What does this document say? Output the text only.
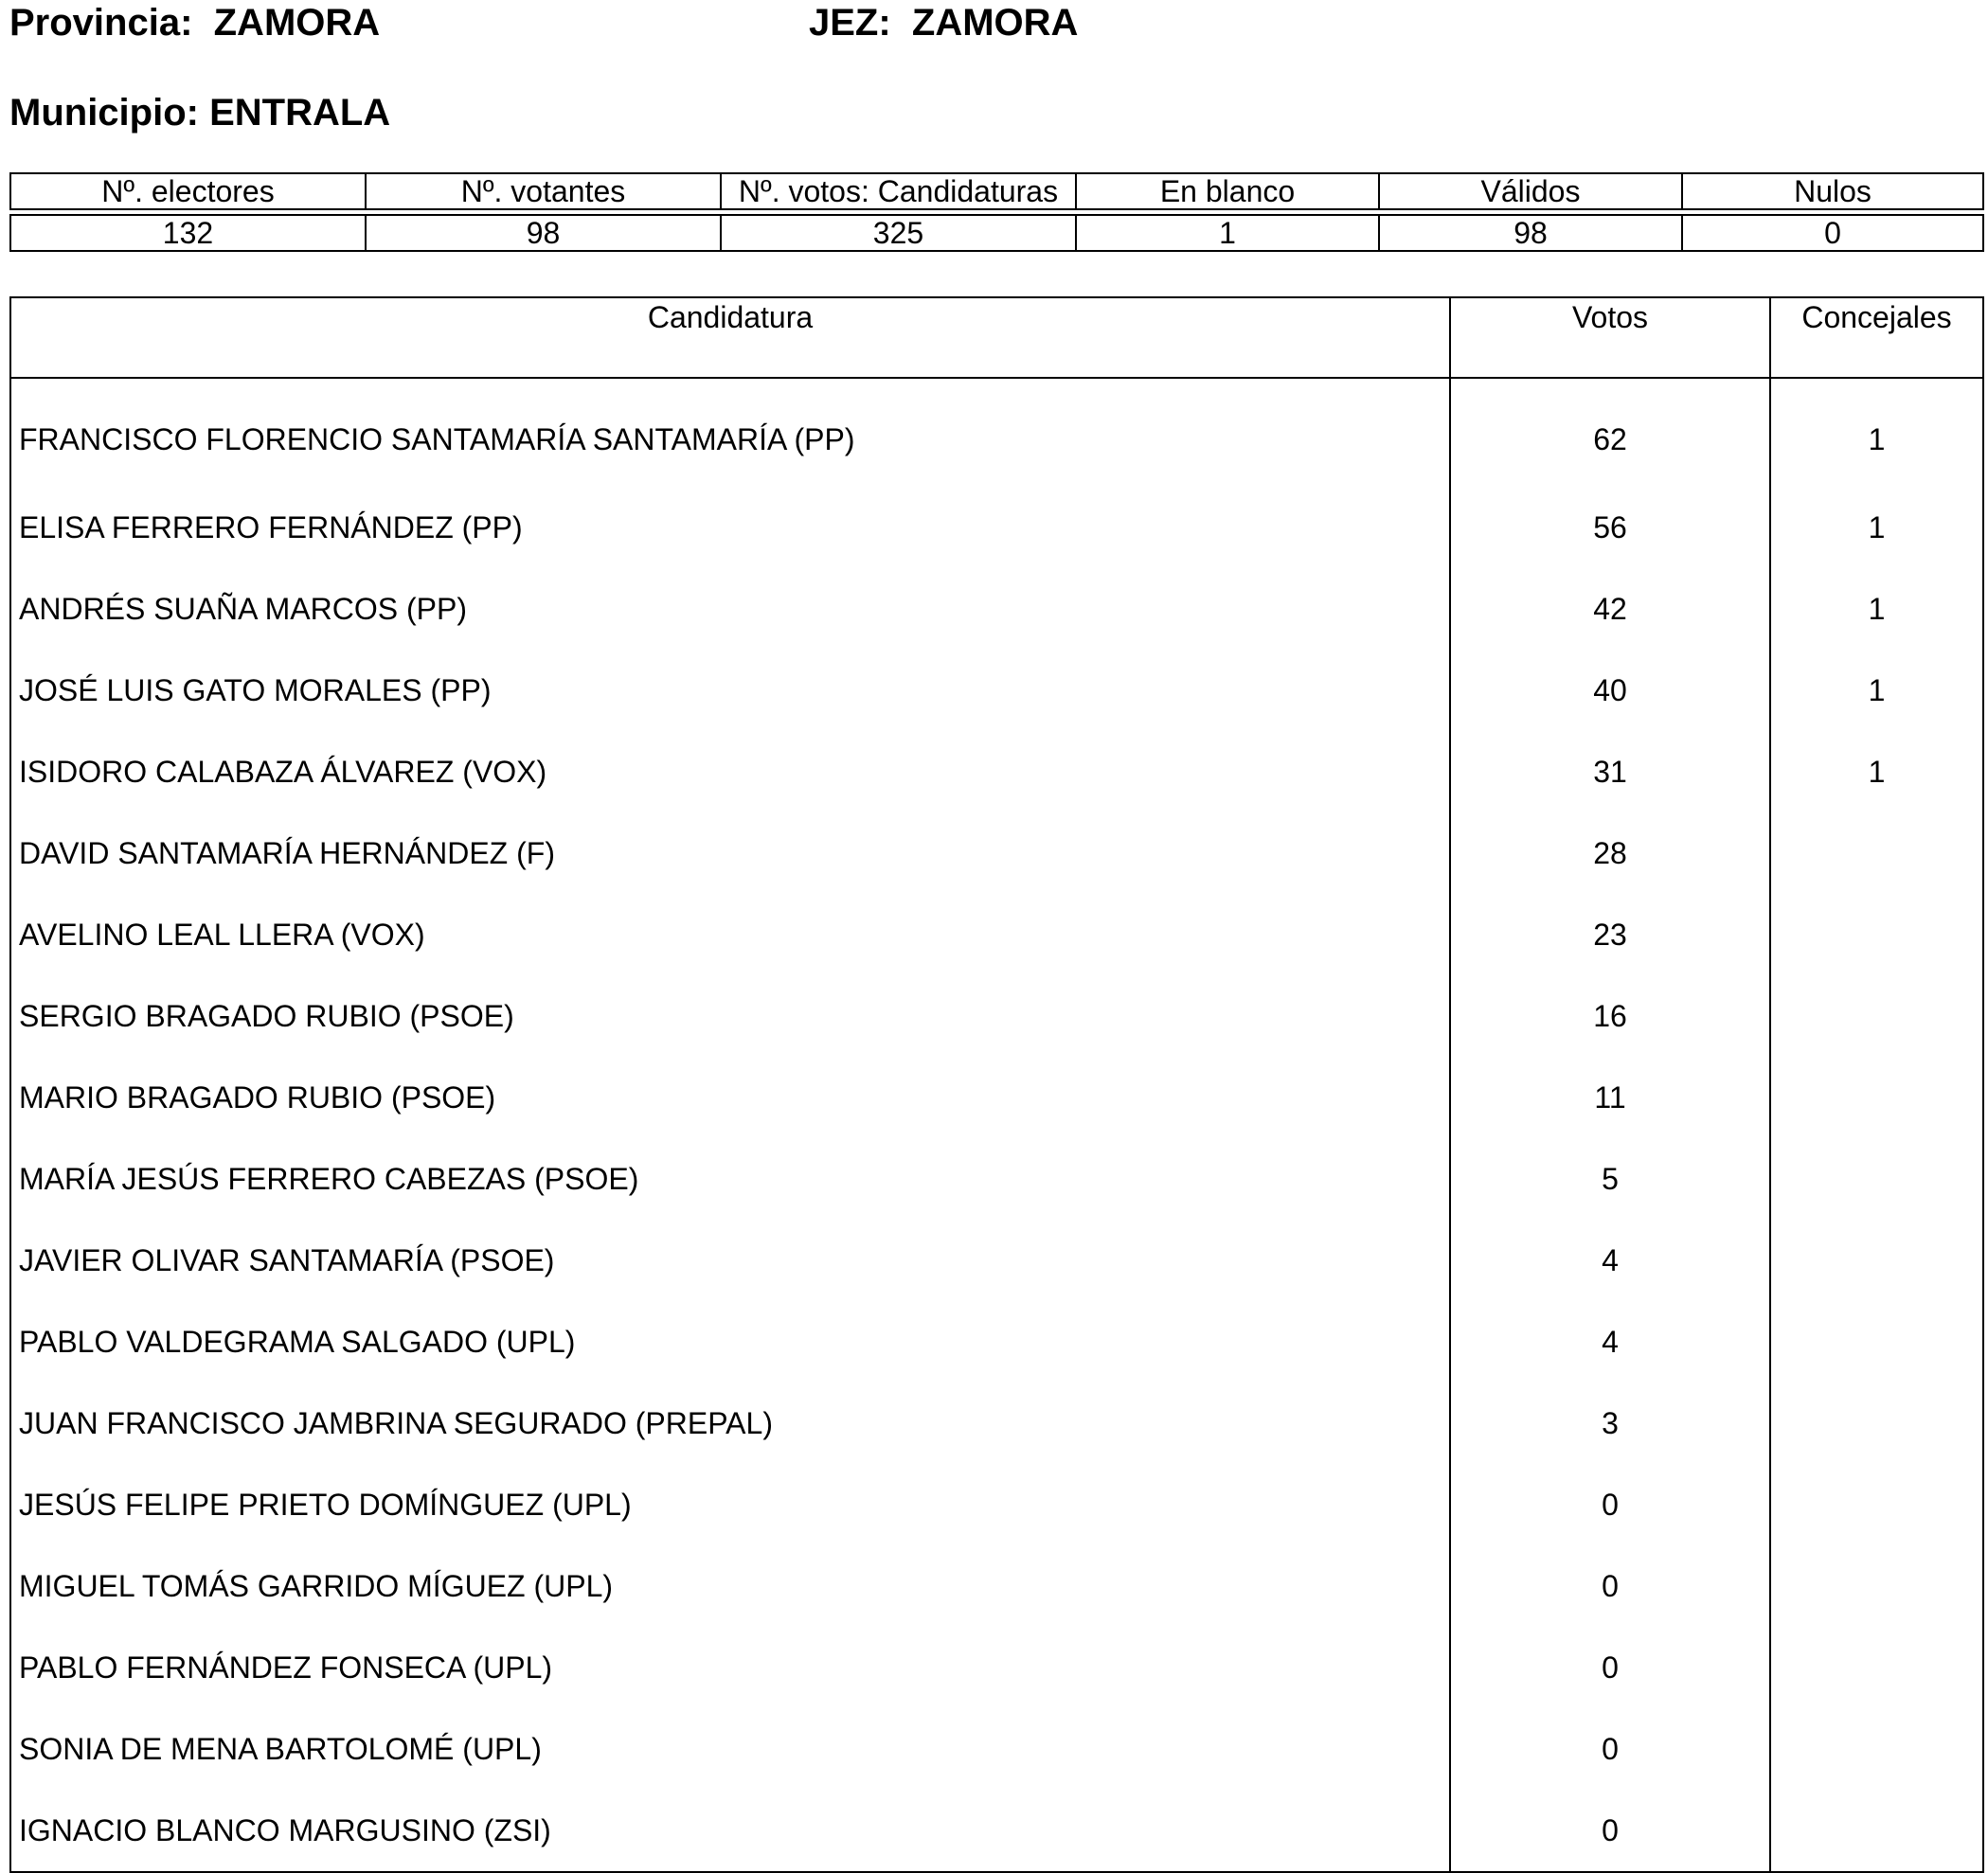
Provincia:  ZAMORA	JEZ:  ZAMORA
Municipio: ENTRALA
Nº. electores	Nº. votantes	Nº. votos: Candidaturas	En blanco	Válidos	Nulos

132	98	325	1	98	0
Candidatura	Votos	Concejales
FRANCISCO FLORENCIO SANTAMARÍA SANTAMARÍA (PP)	62	1
ELISA FERRERO FERNÁNDEZ (PP)	56	1
ANDRÉS SUAÑA MARCOS (PP)	42	1
JOSÉ LUIS GATO MORALES (PP)	40	1
ISIDORO CALABAZA ÁLVAREZ (VOX)	31	1
DAVID SANTAMARÍA HERNÁNDEZ (F)	28	
AVELINO LEAL LLERA (VOX)	23	
SERGIO BRAGADO RUBIO (PSOE)	16	
MARIO BRAGADO RUBIO (PSOE)	11	
MARÍA JESÚS FERRERO CABEZAS (PSOE)	5	
JAVIER OLIVAR SANTAMARÍA (PSOE)	4	
PABLO VALDEGRAMA SALGADO (UPL)	4	
JUAN FRANCISCO JAMBRINA SEGURADO (PREPAL)	3	
JESÚS FELIPE PRIETO DOMÍNGUEZ (UPL)	0	
MIGUEL TOMÁS GARRIDO MÍGUEZ (UPL)	0	
PABLO FERNÁNDEZ FONSECA (UPL)	0	
SONIA DE MENA BARTOLOMÉ (UPL)	0	
IGNACIO BLANCO MARGUSINO (ZSI)	0	
